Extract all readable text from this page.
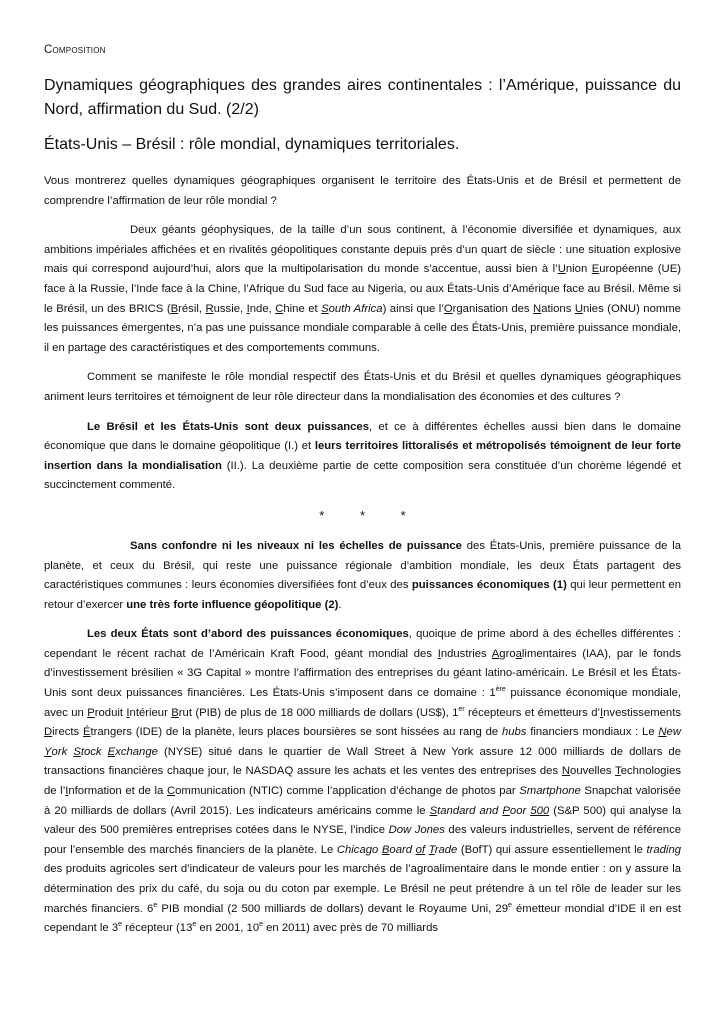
Composition
Dynamiques géographiques des grandes aires continentales : l’Amérique, puissance du Nord, affirmation du Sud. (2/2)
États-Unis – Brésil : rôle mondial, dynamiques territoriales.

Vous montrerez quelles dynamiques géographiques organisent le territoire des États-Unis et de Brésil et permettent de comprendre l’affirmation de leur rôle mondial ?

Deux géants géophysiques, de la taille d’un sous continent, à l’économie diversifiée et dynamiques, aux ambitions impériales affichées et en rivalités géopolitiques constante depuis près d’un quart de siècle : une situation explosive mais qui correspond aujourd’hui, alors que la multipolarisation du monde s’accentue, aussi bien à l’Union Européenne (UE) face à la Russie, l’Inde face à la Chine, l’Afrique du Sud face au Nigeria, ou aux États-Unis d’Amérique face au Brésil. Même si le Brésil, un des BRICS (Brésil, Russie, Inde, Chine et South Africa) ainsi que l’Organisation des Nations Unies (ONU) nomme les puissances émergentes, n’a pas une puissance mondiale comparable à celle des États-Unis, première puissance mondiale, il en partage des caractéristiques et des comportements communs.

Comment se manifeste le rôle mondial respectif des États-Unis et du Brésil et quelles dynamiques géographiques animent leurs territoires et témoignent de leur rôle directeur dans la mondialisation des économies et des cultures ?

Le Brésil et les États-Unis sont deux puissances, et ce à différentes échelles aussi bien dans le domaine économique que dans le domaine géopolitique (I.) et leurs territoires littoralisés et métropolisés témoignent de leur forte insertion dans la mondialisation (II.). La deuxième partie de cette composition sera constituée d’un chorème légendé et succinctement commenté.

* * *

Sans confondre ni les niveaux ni les échelles de puissance des États-Unis, première puissance de la planète, et ceux du Brésil, qui reste une puissance régionale d’ambition mondiale, les deux États partagent des caractéristiques communes : leurs économies diversifiées font d’eux des puissances économiques (1) qui leur permettent en retour d’exercer une très forte influence géopolitique (2).

Les deux États sont d’abord des puissances économiques, quoique de prime abord à des échelles différentes : cependant le récent rachat de l’Américain Kraft Food, géant mondial des Industries Agroalimentaires (IAA), par le fonds d’investissement brésilien « 3G Capital » montre l’affirmation des entreprises du géant latino-américain. Le Brésil et les États-Unis sont deux puissances financières. Les États-Unis s’imposent dans ce domaine : 1ère puissance économique mondiale, avec un Produit Intérieur Brut (PIB) de plus de 18 000 milliards de dollars (US$), 1er récepteurs et émetteurs d’Investissements Directs Étrangers (IDE) de la planète, leurs places boursières se sont hissées au rang de hubs financiers mondiaux : Le New York Stock Exchange (NYSE) situé dans le quartier de Wall Street à New York assure 12 000 milliards de dollars de transactions financières chaque jour, le NASDAQ assure les achats et les ventes des entreprises des Nouvelles Technologies de l’Information et de la Communication (NTIC) comme l’application d’échange de photos par Smartphone Snapchat valorisée à 20 milliards de dollars (Avril 2015). Les indicateurs américains comme le Standard and Poor 500 (S&P 500) qui analyse la valeur des 500 premières entreprises cotées dans le NYSE, l’indice Dow Jones des valeurs industrielles, servent de référence pour l’ensemble des marchés financiers de la planète. Le Chicago Board of Trade (BofT) qui assure essentiellement le trading des produits agricoles sert d’indicateur de valeurs pour les marchés de l’agroalimentaire dans le monde entier : on y assure la détermination des prix du café, du soja ou du coton par exemple. Le Brésil ne peut prétendre à un tel rôle de leader sur les marchés financiers. 6e PIB mondial (2 500 milliards de dollars) devant le Royaume Uni, 29e émetteur mondial d’IDE il en est cependant le 3e récepteur (13e en 2001, 10e en 2011) avec près de 70 milliards
